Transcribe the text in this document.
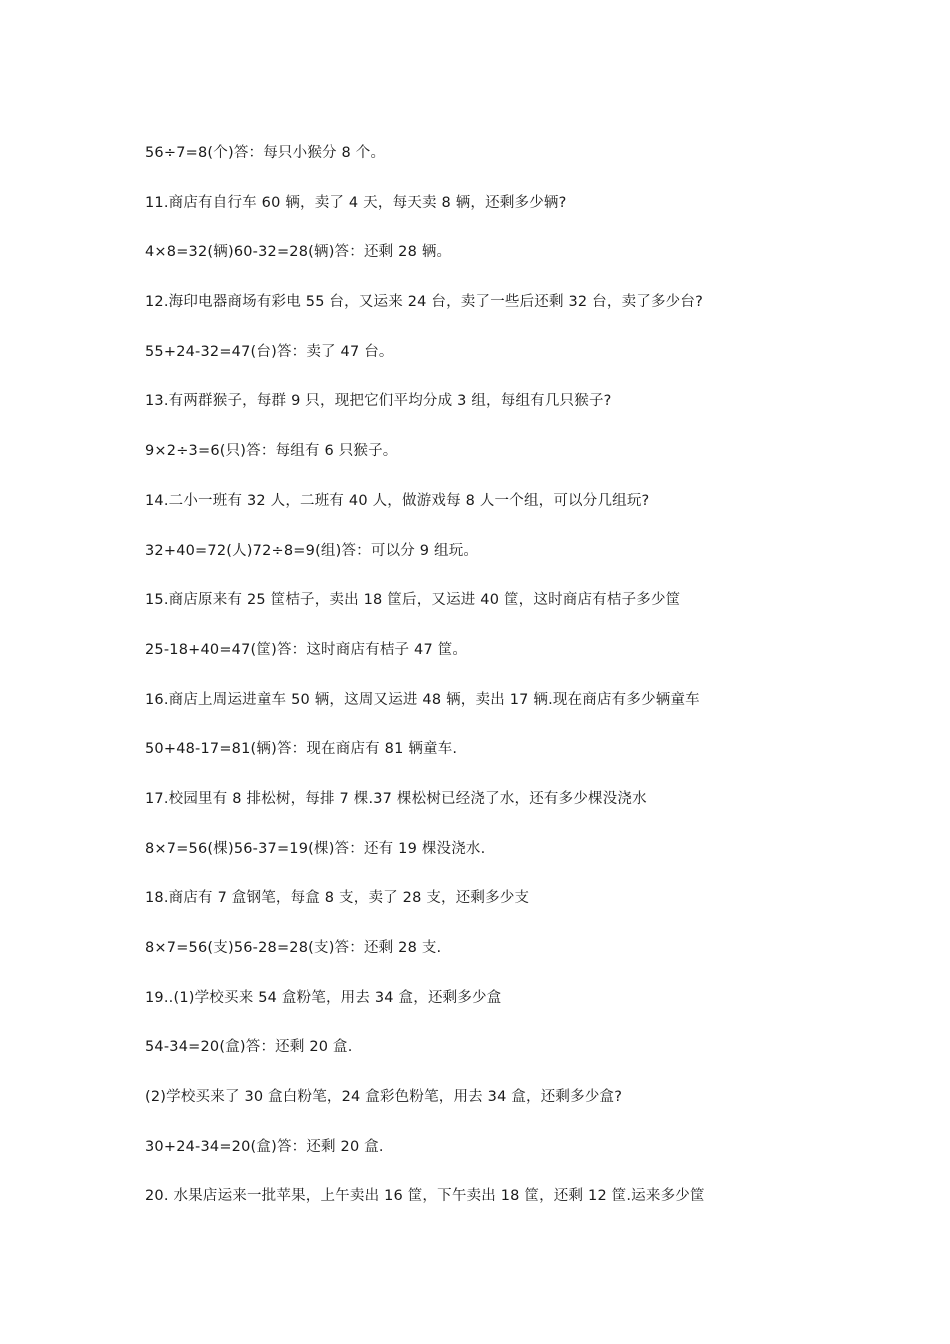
56÷7=8(个)答：每只小猴分 8 个。
11.商店有自行车 60 辆，卖了 4 天，每天卖 8 辆，还剩多少辆?
4×8=32(辆)60-32=28(辆)答：还剩 28 辆。
12.海印电器商场有彩电 55 台，又运来 24 台，卖了一些后还剩 32 台，卖了多少台?
55+24-32=47(台)答：卖了 47 台。
13.有两群猴子，每群 9 只，现把它们平均分成 3 组，每组有几只猴子?
9×2÷3=6(只)答：每组有 6 只猴子。
14.二小一班有 32 人，二班有 40 人，做游戏每 8 人一个组，可以分几组玩?
32+40=72(人)72÷8=9(组)答：可以分 9 组玩。
15.商店原来有 25 筐桔子，卖出 18 筐后，又运进 40 筐，这时商店有桔子多少筐
25-18+40=47(筐)答：这时商店有桔子 47 筐。
16.商店上周运进童车 50 辆，这周又运进 48 辆，卖出 17 辆.现在商店有多少辆童车
50+48-17=81(辆)答：现在商店有 81 辆童车.
17.校园里有 8 排松树，每排 7 棵.37 棵松树已经浇了水，还有多少棵没浇水
8×7=56(棵)56-37=19(棵)答：还有 19 棵没浇水.
18.商店有 7 盒钢笔，每盒 8 支，卖了 28 支，还剩多少支
8×7=56(支)56-28=28(支)答：还剩 28 支.
19..(1)学校买来 54 盒粉笔，用去 34 盒，还剩多少盒
54-34=20(盒)答：还剩 20 盒.
(2)学校买来了 30 盒白粉笔，24 盒彩色粉笔，用去 34 盒，还剩多少盒?
30+24-34=20(盒)答：还剩 20 盒.
20. 水果店运来一批苹果，上午卖出 16 筐，下午卖出 18 筐，还剩 12 筐.运来多少筐
